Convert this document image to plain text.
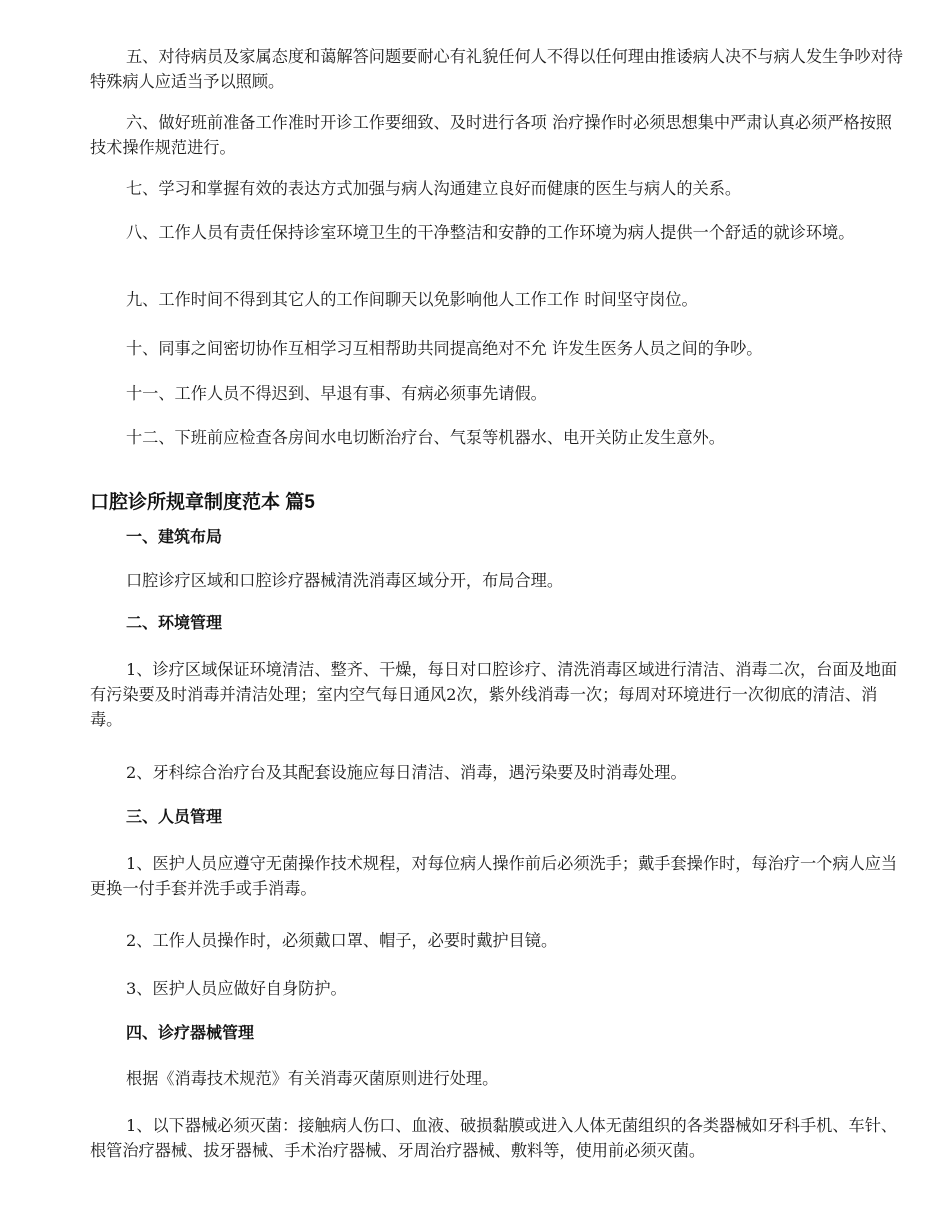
五、对待病员及家属态度和蔼解答问题要耐心有礼貌任何人不得以任何理由推诿病人决不与病人发生争吵对待特殊病人应适当予以照顾。

六、做好班前准备工作准时开诊工作要细致、及时进行各项 治疗操作时必须思想集中严肃认真必须严格按照技术操作规范进行。

七、学习和掌握有效的表达方式加强与病人沟通建立良好而健康的医生与病人的关系。

八、工作人员有责任保持诊室环境卫生的干净整洁和安静的工作环境为病人提供一个舒适的就诊环境。

九、工作时间不得到其它人的工作间聊天以免影响他人工作工作 时间坚守岗位。

十、同事之间密切协作互相学习互相帮助共同提高绝对不允 许发生医务人员之间的争吵。

十一、工作人员不得迟到、早退有事、有病必须事先请假。

十二、下班前应检查各房间水电切断治疗台、气泵等机器水、电开关防止发生意外。

口腔诊所规章制度范本 篇5
一、建筑布局

口腔诊疗区域和口腔诊疗器械清洗消毒区域分开，布局合理。

二、环境管理

1、诊疗区域保证环境清洁、整齐、干燥，每日对口腔诊疗、清洗消毒区域进行清洁、消毒二次，台面及地面有污染要及时消毒并清洁处理；室内空气每日通风2次，紫外线消毒一次；每周对环境进行一次彻底的清洁、消毒。

2、牙科综合治疗台及其配套设施应每日清洁、消毒，遇污染要及时消毒处理。

三、人员管理

1、医护人员应遵守无菌操作技术规程，对每位病人操作前后必须洗手；戴手套操作时，每治疗一个病人应当更换一付手套并洗手或手消毒。

2、工作人员操作时，必须戴口罩、帽子，必要时戴护目镜。

3、医护人员应做好自身防护。

四、诊疗器械管理

根据《消毒技术规范》有关消毒灭菌原则进行处理。

1、以下器械必须灭菌：接触病人伤口、血液、破损黏膜或进入人体无菌组织的各类器械如牙科手机、车针、根管治疗器械、拔牙器械、手术治疗器械、牙周治疗器械、敷料等，使用前必须灭菌。
